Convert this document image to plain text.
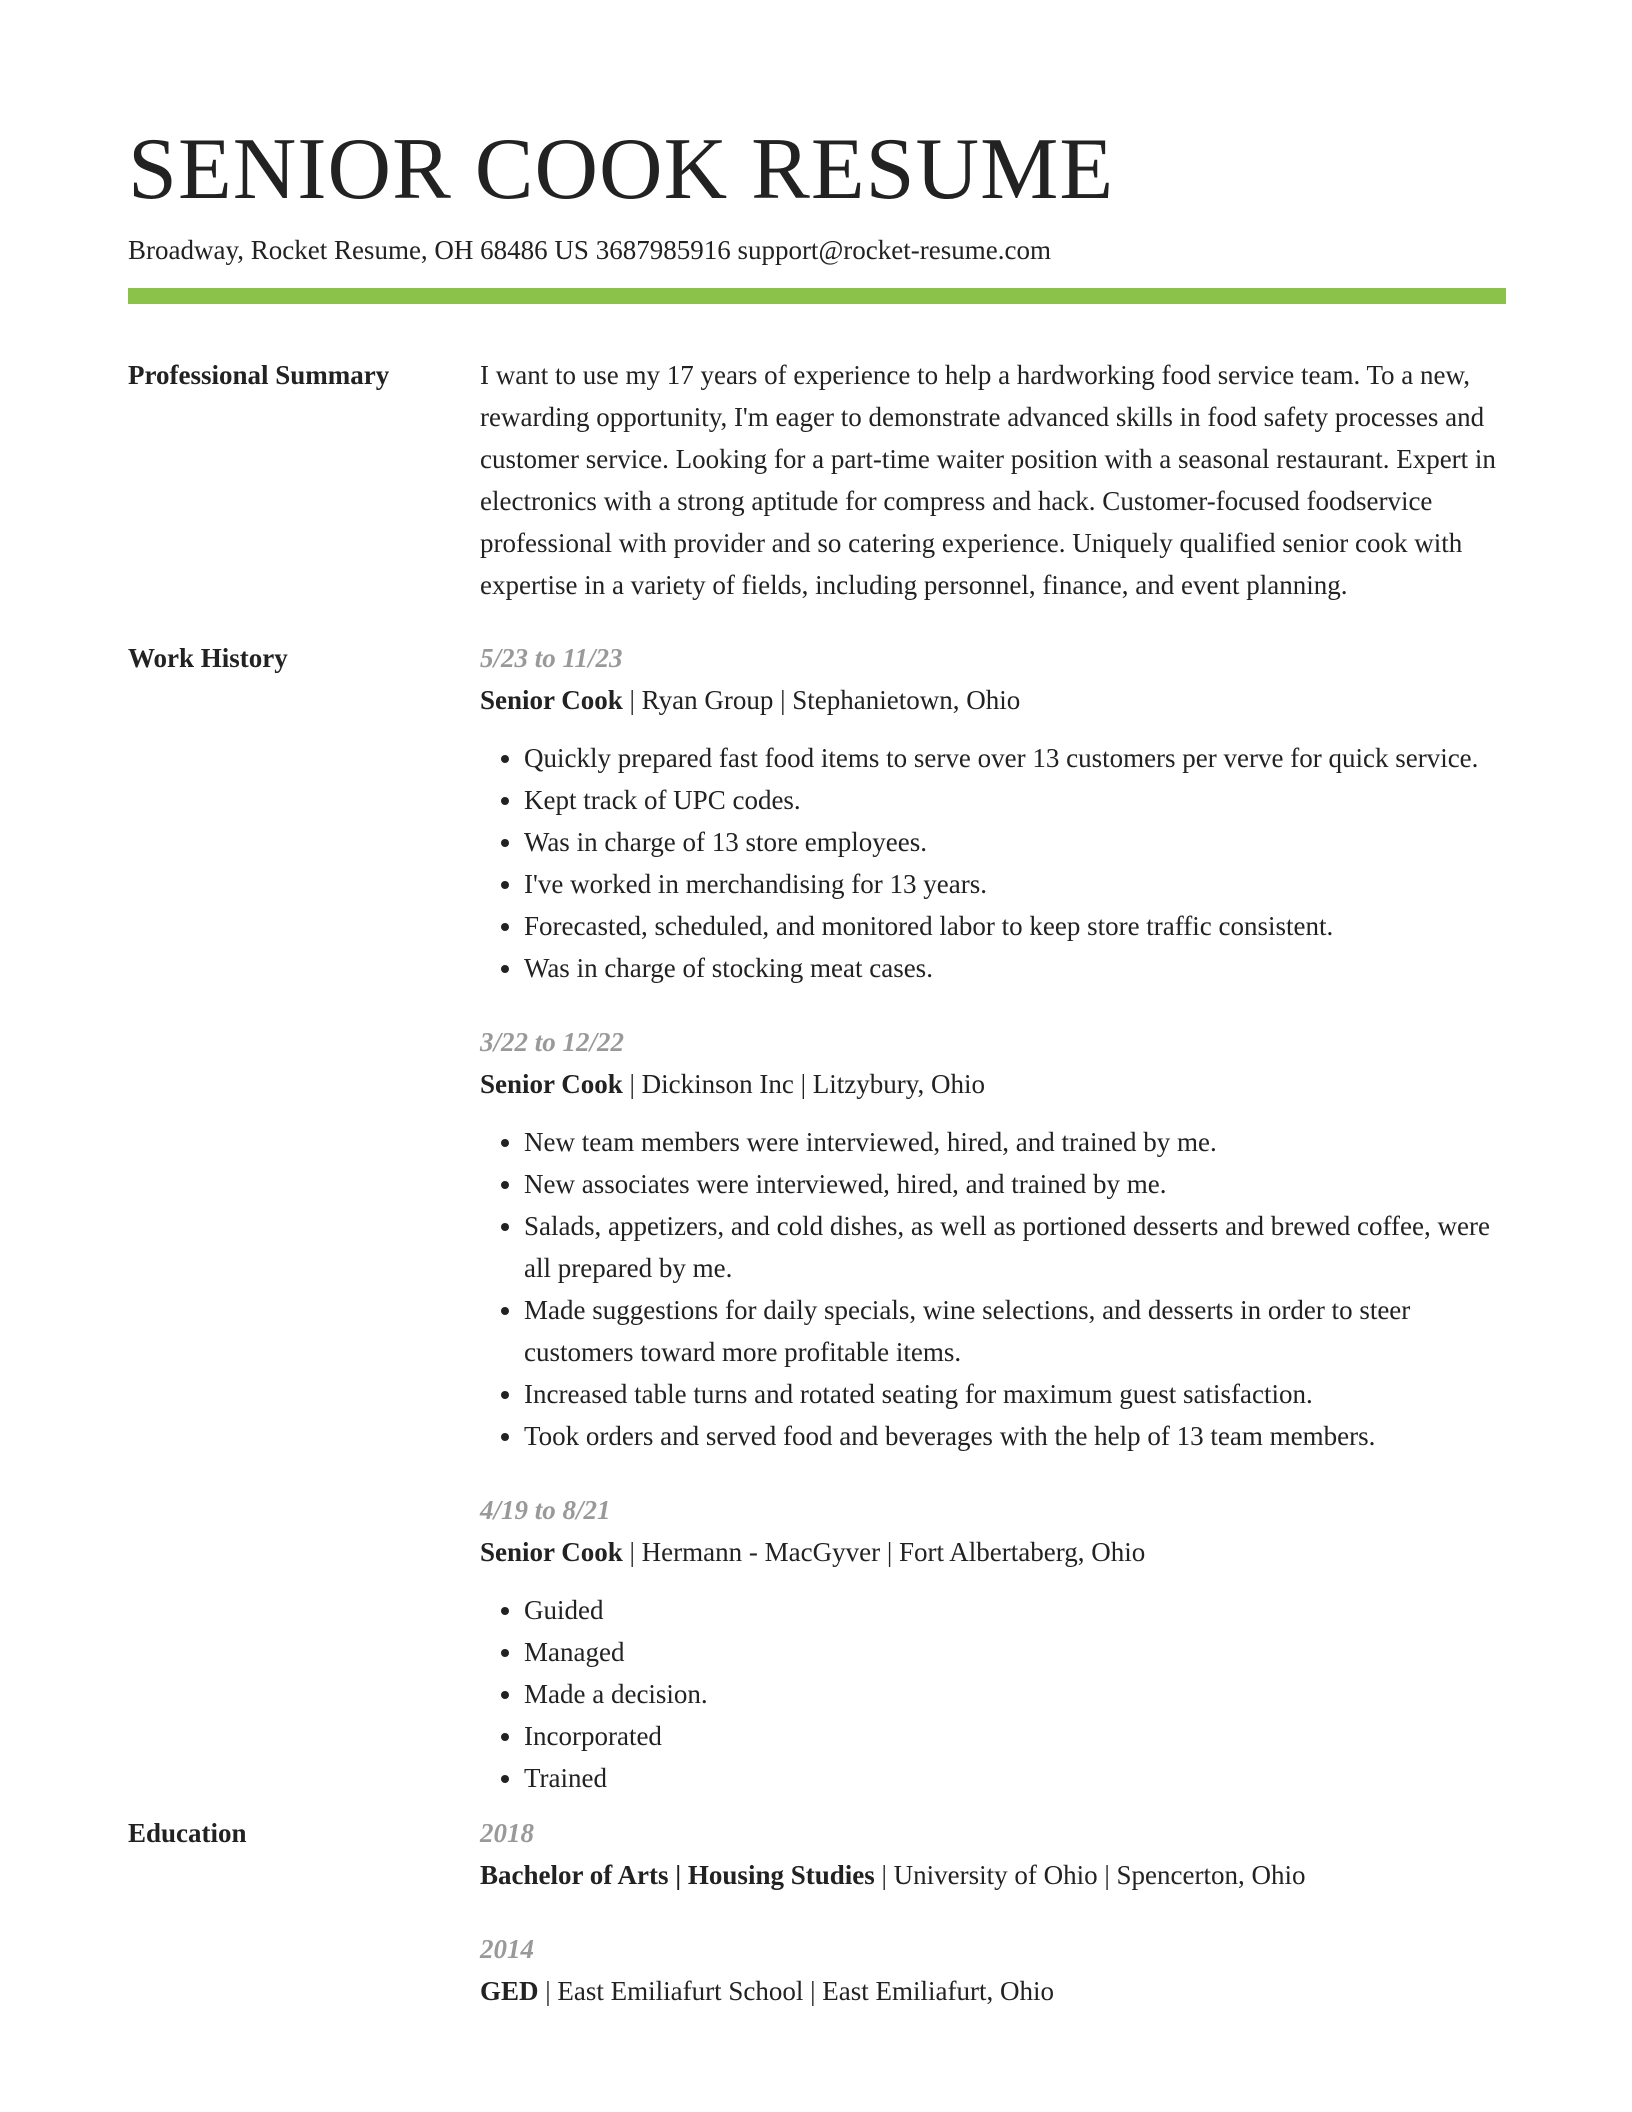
SENIOR COOK RESUME
Broadway, Rocket Resume, OH 68486 US 3687985916 support@rocket-resume.com
Professional Summary	I want to use my 17 years of experience to help a hardworking food service team. To a new, rewarding opportunity, I'm eager to demonstrate advanced skills in food safety processes and customer service. Looking for a part-time waiter position with a seasonal restaurant. Expert in electronics with a strong aptitude for compress and hack. Customer-focused foodservice professional with provider and so catering experience. Uniquely qualified senior cook with expertise in a variety of fields, including personnel, finance, and event planning.
Work History	5/23 to 11/23
Senior Cook | Ryan Group | Stephanietown, Ohio
• Quickly prepared fast food items to serve over 13 customers per verve for quick service.
• Kept track of UPC codes.
• Was in charge of 13 store employees.
• I've worked in merchandising for 13 years.
• Forecasted, scheduled, and monitored labor to keep store traffic consistent.
• Was in charge of stocking meat cases.
3/22 to 12/22
Senior Cook | Dickinson Inc | Litzybury, Ohio
• New team members were interviewed, hired, and trained by me.
• New associates were interviewed, hired, and trained by me.
• Salads, appetizers, and cold dishes, as well as portioned desserts and brewed coffee, were all prepared by me.
• Made suggestions for daily specials, wine selections, and desserts in order to steer customers toward more profitable items.
• Increased table turns and rotated seating for maximum guest satisfaction.
• Took orders and served food and beverages with the help of 13 team members.
4/19 to 8/21
Senior Cook | Hermann - MacGyver | Fort Albertaberg, Ohio
• Guided
• Managed
• Made a decision.
• Incorporated
• Trained
Education	2018
Bachelor of Arts | Housing Studies | University of Ohio | Spencerton, Ohio
2014
GED | East Emiliafurt School | East Emiliafurt, Ohio
